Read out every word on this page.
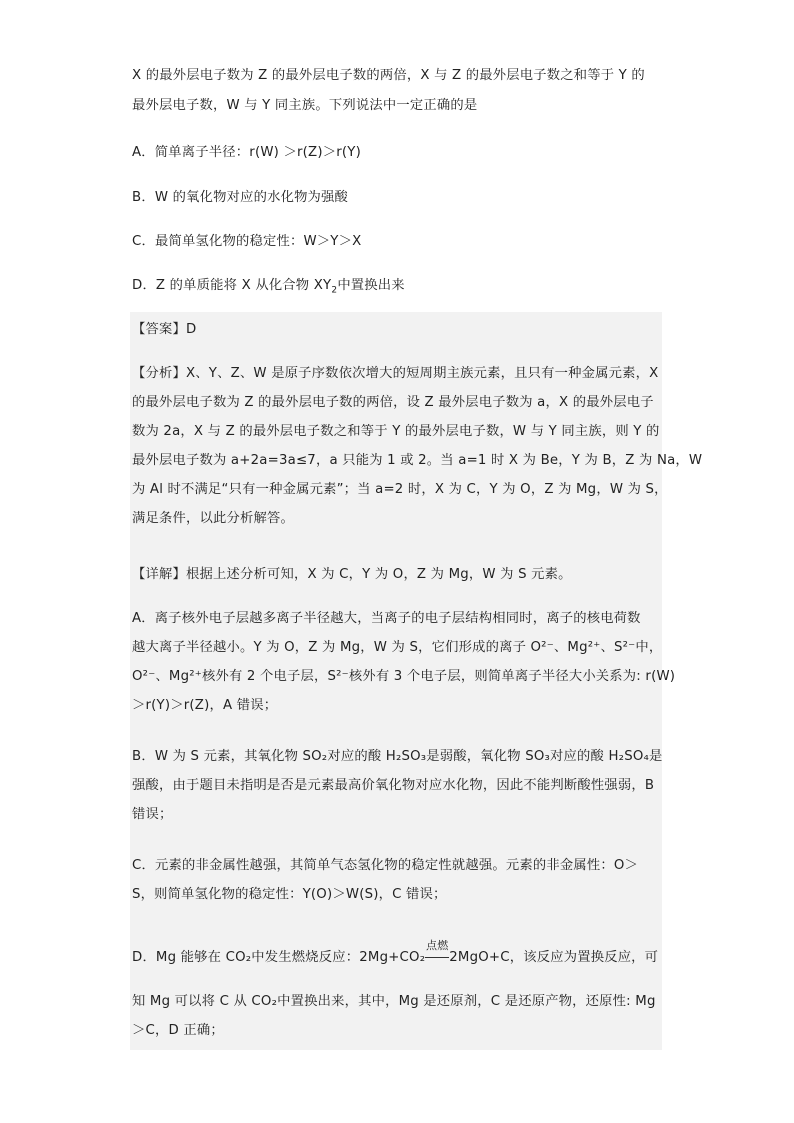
X 的最外层电子数为 Z 的最外层电子数的两倍，X 与 Z 的最外层电子数之和等于 Y 的
最外层电子数，W 与 Y 同主族。下列说法中一定正确的是
A．简单离子半径：r(W) ＞r(Z)＞r(Y)
B．W 的氧化物对应的水化物为强酸
C．最简单氢化物的稳定性：W＞Y＞X
D．Z 的单质能将 X 从化合物 $XY_2$中置换出来
【答案】D
【分析】X、Y、Z、W 是原子序数依次增大的短周期主族元素，且只有一种金属元素，X
的最外层电子数为 Z 的最外层电子数的两倍，设 Z 最外层电子数为 a，X 的最外层电子
数为 2a，X 与 Z 的最外层电子数之和等于 Y 的最外层电子数，W 与 Y 同主族，则 Y 的
最外层电子数为 a+2a=3a≤7，a 只能为 1 或 2。当 a=1 时 X 为 Be，Y 为 B，Z 为 Na，W
为 Al 时不满足“只有一种金属元素”；当 a=2 时，X 为 C，Y 为 O，Z 为 Mg，W 为 S，
满足条件，以此分析解答。
【详解】根据上述分析可知，X 为 C，Y 为 O，Z 为 Mg，W 为 S 元素。
A．离子核外电子层越多离子半径越大，当离子的电子层结构相同时，离子的核电荷数
越大离子半径越小。Y 为 O，Z 为 Mg，W 为 S，它们形成的离子 O²⁻、Mg²⁺、S²⁻中，
O²⁻、Mg²⁺核外有 2 个电子层，S²⁻核外有 3 个电子层，则简单离子半径大小关系为: r(W)
＞r(Y)＞r(Z)，A 错误；
B．W 为 S 元素，其氧化物 SO₂对应的酸 H₂SO₃是弱酸，氧化物 SO₃对应的酸 H₂SO₄是
强酸，由于题目未指明是否是元素最高价氧化物对应水化物，因此不能判断酸性强弱，B
错误；
C．元素的非金属性越强，其简单气态氢化物的稳定性就越强。元素的非金属性：O＞
S，则简单氢化物的稳定性：Y(O)＞W(S)，C 错误；
D．Mg 能够在 CO₂中发生燃烧反应：2Mg+CO₂
点燃
2MgO+C，该反应为置换反应，可
知 Mg 可以将 C 从 CO₂中置换出来，其中，Mg 是还原剂，C 是还原产物，还原性: Mg
＞C，D 正确；
